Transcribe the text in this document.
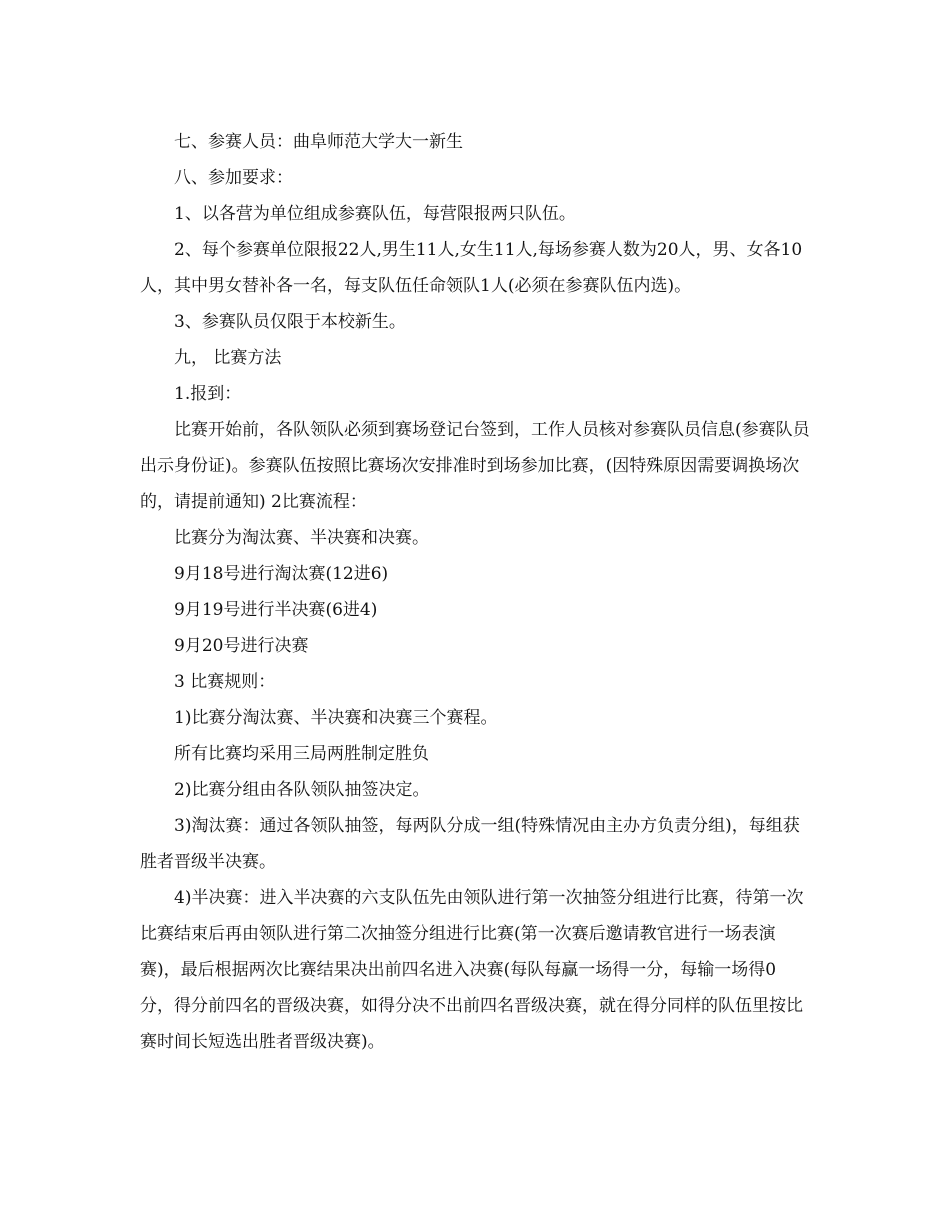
七、参赛人员：曲阜师范大学大一新生

八、参加要求：

1、以各营为单位组成参赛队伍，每营限报两只队伍。

2、每个参赛单位限报22人,男生11人,女生11人,每场参赛人数为20人，男、女各10人，其中男女替补各一名，每支队伍任命领队1人(必须在参赛队伍内选)。

3、参赛队员仅限于本校新生。

九， 比赛方法

1.报到：

比赛开始前，各队领队必须到赛场登记台签到，工作人员核对参赛队员信息(参赛队员出示身份证)。参赛队伍按照比赛场次安排准时到场参加比赛，(因特殊原因需要调换场次的，请提前通知) 2比赛流程：

比赛分为淘汰赛、半决赛和决赛。

9月18号进行淘汰赛(12进6)

9月19号进行半决赛(6进4)

9月20号进行决赛

3 比赛规则：

1)比赛分淘汰赛、半决赛和决赛三个赛程。

所有比赛均采用三局两胜制定胜负

2)比赛分组由各队领队抽签决定。

3)淘汰赛：通过各领队抽签，每两队分成一组(特殊情况由主办方负责分组)，每组获胜者晋级半决赛。

4)半决赛：进入半决赛的六支队伍先由领队进行第一次抽签分组进行比赛，待第一次比赛结束后再由领队进行第二次抽签分组进行比赛(第一次赛后邀请教官进行一场表演赛)，最后根据两次比赛结果决出前四名进入决赛(每队每赢一场得一分，每输一场得0分，得分前四名的晋级决赛，如得分决不出前四名晋级决赛，就在得分同样的队伍里按比赛时间长短选出胜者晋级决赛)。
